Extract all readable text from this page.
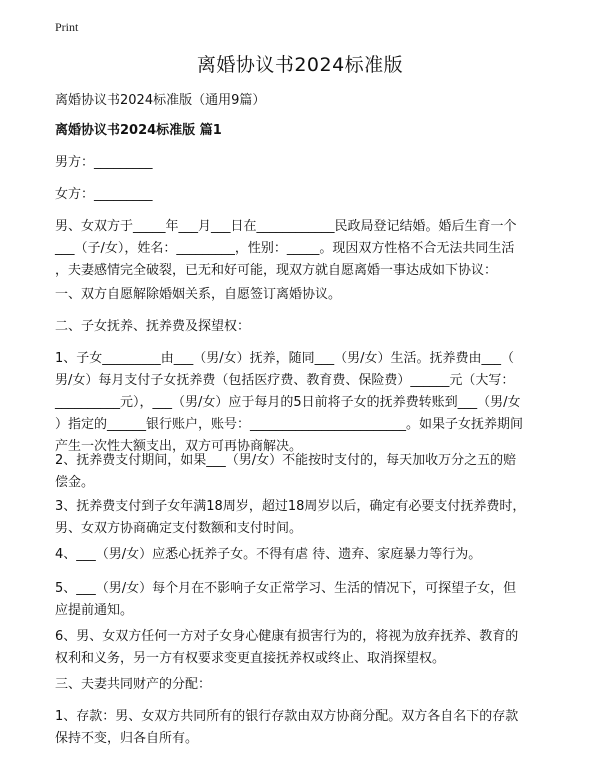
Print
离婚协议书2024标准版

离婚协议书2024标准版（通用9篇）

离婚协议书2024标准版 篇1

男方：_________

女方：_________

男、女双方于_____年___月___日在____________民政局登记结婚。婚后生育一个
___（子/女），姓名：_________，性别：_____。现因双方性格不合无法共同生活
，夫妻感情完全破裂，已无和好可能，现双方就自愿离婚一事达成如下协议：

一、双方自愿解除婚姻关系，自愿签订离婚协议。

二、子女抚养、抚养费及探望权：

1、子女_________由___（男/女）抚养，随同___（男/女）生活。抚养费由___（
男/女）每月支付子女抚养费（包括医疗费、教育费、保险费）______元（大写：
__________元），___（男/女）应于每月的5日前将子女的抚养费转账到___（男/女
）指定的______银行账户，账号：________________________。如果子女抚养期间
产生一次性大额支出，双方可再协商解决。

2、抚养费支付期间，如果___（男/女）不能按时支付的，每天加收万分之五的赔
偿金。

3、抚养费支付到子女年满18周岁，超过18周岁以后，确定有必要支付抚养费时，
男、女双方协商确定支付数额和支付时间。

4、___（男/女）应悉心抚养子女。不得有虐 待、遗弃、家庭暴力等行为。

5、___（男/女）每个月在不影响子女正常学习、生活的情况下，可探望子女，但
应提前通知。

6、男、女双方任何一方对子女身心健康有损害行为的，将视为放弃抚养、教育的
权利和义务，另一方有权要求变更直接抚养权或终止、取消探望权。

三、夫妻共同财产的分配：

1、存款：男、女双方共同所有的银行存款由双方协商分配。双方各自名下的存款
保持不变，归各自所有。
